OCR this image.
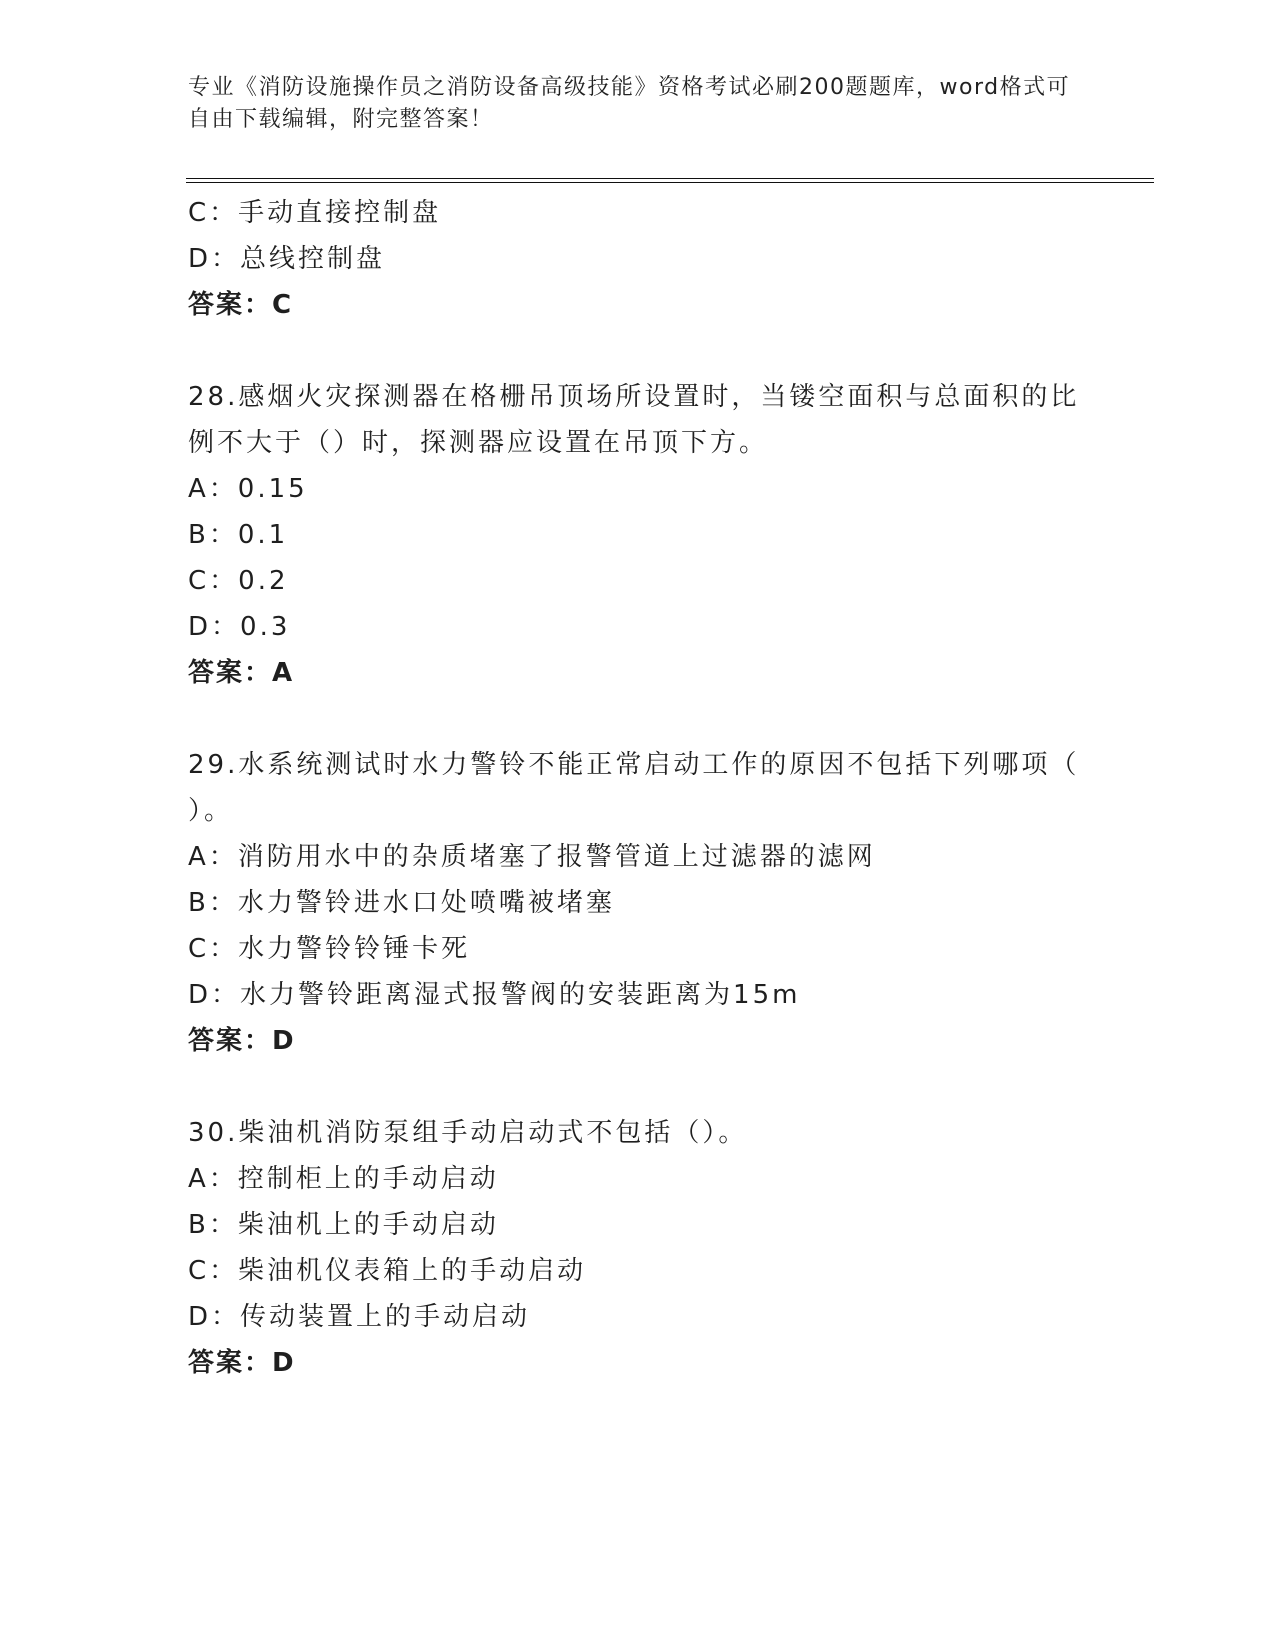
专业《消防设施操作员之消防设备高级技能》资格考试必刷200题题库，word格式可自由下载编辑，附完整答案！
C：手动直接控制盘
D：总线控制盘
答案：C
28.感烟火灾探测器在格栅吊顶场所设置时，当镂空面积与总面积的比
例不大于（）时，探测器应设置在吊顶下方。
A：0.15
B：0.1
C：0.2
D：0.3
答案：A
29.水系统测试时水力警铃不能正常启动工作的原因不包括下列哪项（
）。
A：消防用水中的杂质堵塞了报警管道上过滤器的滤网
B：水力警铃进水口处喷嘴被堵塞
C：水力警铃铃锤卡死
D：水力警铃距离湿式报警阀的安装距离为15m
答案：D
30.柴油机消防泵组手动启动式不包括（）。
A：控制柜上的手动启动
B：柴油机上的手动启动
C：柴油机仪表箱上的手动启动
D：传动装置上的手动启动
答案：D
